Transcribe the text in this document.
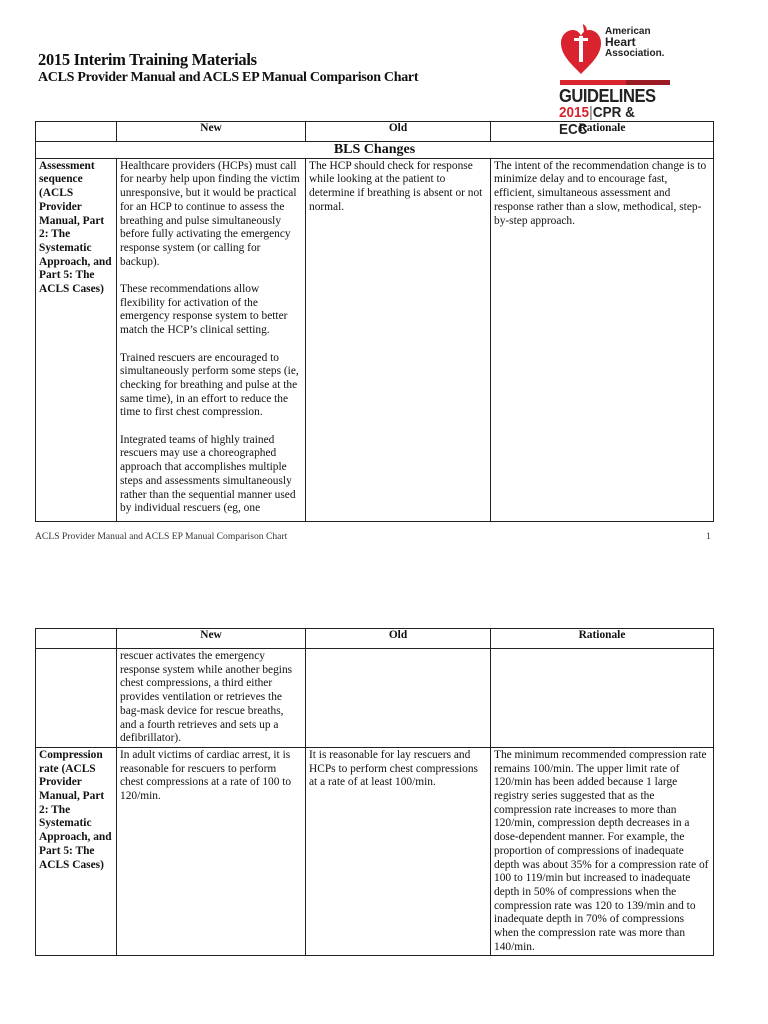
2015 Interim Training Materials
ACLS Provider Manual and ACLS EP Manual Comparison Chart
American
Heart
Association.
GUIDELINES
2015|CPR & ECC
	New	Old	Rationale
BLS Changes			
Assessment sequence (ACLS Provider Manual, Part 2: The Systematic Approach, and Part 5: The ACLS Cases)	Healthcare providers (HCPs) must call for nearby help upon finding the victim unresponsive, but it would be practical for an HCP to continue to assess the breathing and pulse simultaneously before fully activating the emergency response system (or calling for backup).

These recommendations allow flexibility for activation of the emergency response system to better match the HCP’s clinical setting.

Trained rescuers are encouraged to simultaneously perform some steps (ie, checking for breathing and pulse at the same time), in an effort to reduce the time to first chest compression.

Integrated teams of highly trained rescuers may use a choreographed approach that accomplishes multiple steps and assessments simultaneously rather than the sequential manner used by individual rescuers (eg, one	The HCP should check for response while looking at the patient to determine if breathing is absent or not normal.	The intent of the recommendation change is to minimize delay and to encourage fast, efficient, simultaneous assessment and response rather than a slow, methodical, step-by-step approach.
ACLS Provider Manual and ACLS EP Manual Comparison Chart	1
	New	Old	Rationale
	rescuer activates the emergency response system while another begins chest compressions, a third either provides ventilation or retrieves the bag-mask device for rescue breaths, and a fourth retrieves and sets up a defibrillator).		
Compression rate (ACLS Provider Manual, Part 2: The Systematic Approach, and Part 5: The ACLS Cases)	In adult victims of cardiac arrest, it is reasonable for rescuers to perform chest compressions at a rate of 100 to 120/min.	It is reasonable for lay rescuers and HCPs to perform chest compressions at a rate of at least 100/min.	The minimum recommended compression rate remains 100/min. The upper limit rate of 120/min has been added because 1 large registry series suggested that as the compression rate increases to more than 120/min, compression depth decreases in a dose-dependent manner. For example, the proportion of compressions of inadequate depth was about 35% for a compression rate of 100 to 119/min but increased to inadequate depth in 50% of compressions when the compression rate was 120 to 139/min and to inadequate depth in 70% of compressions when the compression rate was more than 140/min.
